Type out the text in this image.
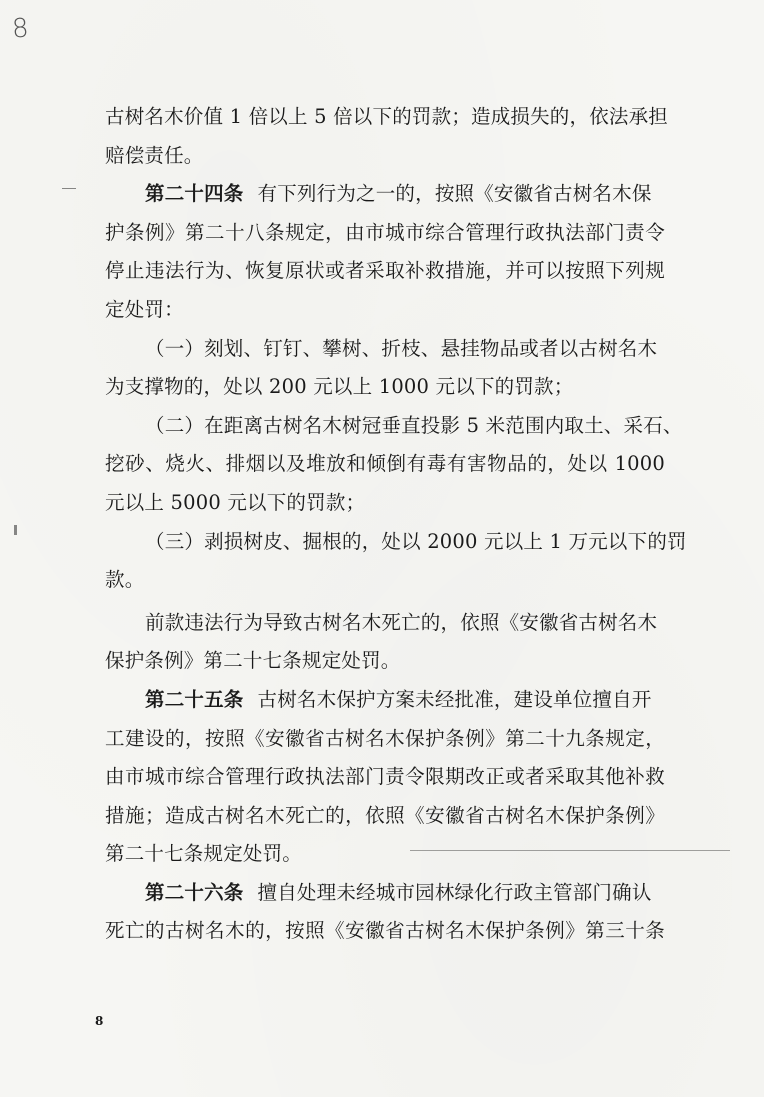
8
古树名木价值 1 倍以上 5 倍以下的罚款；造成损失的，依法承担
赔偿责任。
第二十四条 有下列行为之一的，按照《安徽省古树名木保
护条例》第二十八条规定，由市城市综合管理行政执法部门责令
停止违法行为、恢复原状或者采取补救措施，并可以按照下列规
定处罚：
（一）刻划、钉钉、攀树、折枝、悬挂物品或者以古树名木
为支撑物的，处以 200 元以上 1000 元以下的罚款；
（二）在距离古树名木树冠垂直投影 5 米范围内取土、采石、
挖砂、烧火、排烟以及堆放和倾倒有毒有害物品的，处以 1000
元以上 5000 元以下的罚款；
（三）剥损树皮、掘根的，处以 2000 元以上 1 万元以下的罚
款。
前款违法行为导致古树名木死亡的，依照《安徽省古树名木
保护条例》第二十七条规定处罚。
第二十五条 古树名木保护方案未经批准，建设单位擅自开
工建设的，按照《安徽省古树名木保护条例》第二十九条规定，
由市城市综合管理行政执法部门责令限期改正或者采取其他补救
措施；造成古树名木死亡的，依照《安徽省古树名木保护条例》
第二十七条规定处罚。
第二十六条 擅自处理未经城市园林绿化行政主管部门确认
死亡的古树名木的，按照《安徽省古树名木保护条例》第三十条
8
